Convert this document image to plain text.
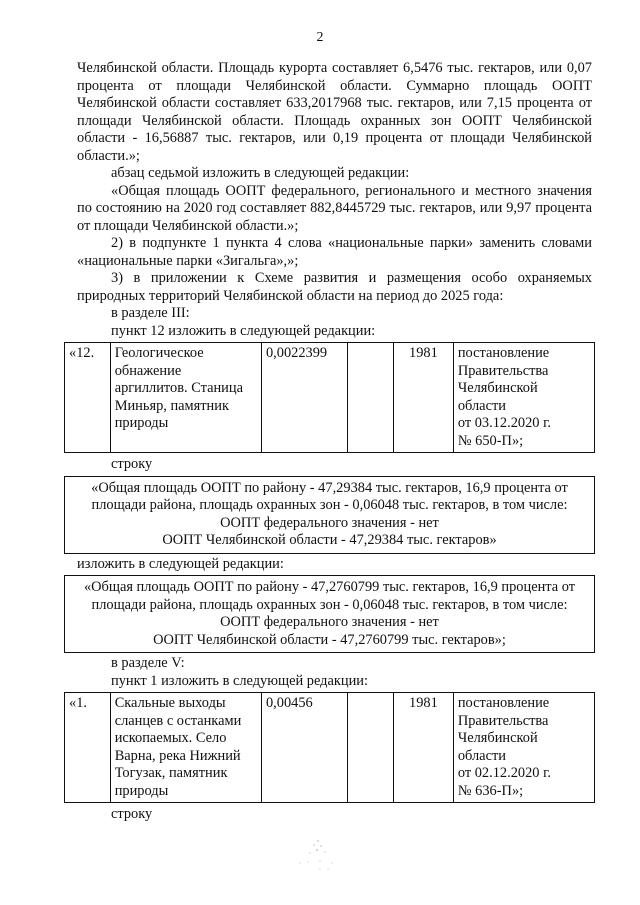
2

Челябинской области. Площадь курорта составляет 6,5476 тыс. гектаров, или 0,07 процента от площади Челябинской области. Суммарно площадь ООПТ Челябинской области составляет 633,2017968 тыс. гектаров, или 7,15 процента от площади Челябинской области. Площадь охранных зон ООПТ Челябинской области - 16,56887 тыс. гектаров, или 0,19 процента от площади Челябинской области.»;

абзац седьмой изложить в следующей редакции:

«Общая площадь ООПТ федерального, регионального и местного значения по состоянию на 2020 год составляет 882,8445729 тыс. гектаров, или 9,97 процента от площади Челябинской области.»;

2) в подпункте 1 пункта 4 слова «национальные парки» заменить словами «национальные парки «Зигальга»,»;

3) в приложении к Схеме развития и размещения особо охраняемых природных территорий Челябинской области на период до 2025 года:

в разделе III:

пункт 12 изложить в следующей редакции:

«12.	Геологическое обнажение аргиллитов. Станица Миньяр, памятник природы	0,0022399		1981	постановление
Правительства
Челябинской
области
от 03.12.2020 г.
№ 650-П»;

строку

«Общая площадь ООПТ по району - 47,29384 тыс. гектаров, 16,9 процента от площади района, площадь охранных зон - 0,06048 тыс. гектаров, в том числе:
ООПТ федерального значения - нет
ООПТ Челябинской области - 47,29384 тыс. гектаров»

изложить в следующей редакции:

«Общая площадь ООПТ по району - 47,2760799 тыс. гектаров, 16,9 процента от площади района, площадь охранных зон - 0,06048 тыс. гектаров, в том числе:
ООПТ федерального значения - нет
ООПТ Челябинской области - 47,2760799 тыс. гектаров»;

в разделе V:

пункт 1 изложить в следующей редакции:

«1.	Скальные выходы сланцев с останками ископаемых. Село Варна, река Нижний Тогузак, памятник природы	0,00456		1981	постановление
Правительства
Челябинской
области
от 02.12.2020 г.
№ 636-П»;

строку
